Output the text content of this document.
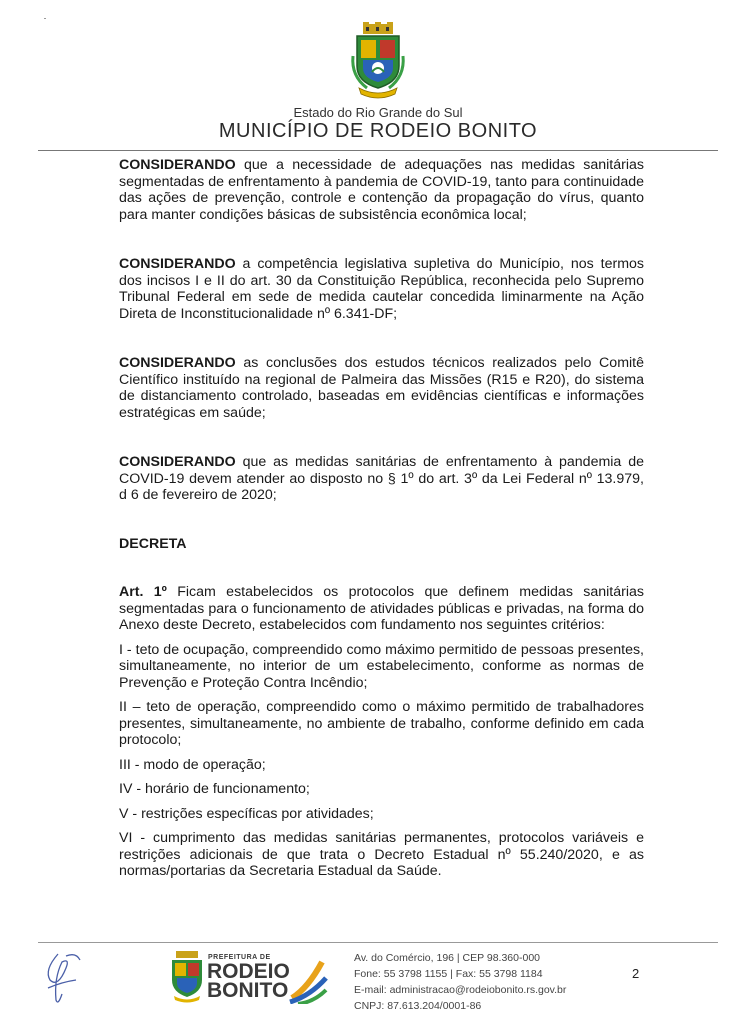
Estado do Rio Grande do Sul
MUNICÍPIO DE RODEIO BONITO

CONSIDERANDO que a necessidade de adequações nas medidas sanitárias segmentadas de enfrentamento à pandemia de COVID-19, tanto para continuidade das ações de prevenção, controle e contenção da propagação do vírus, quanto para manter condições básicas de subsistência econômica local;

CONSIDERANDO a competência legislativa supletiva do Município, nos termos dos incisos I e II do art. 30 da Constituição República, reconhecida pelo Supremo Tribunal Federal em sede de medida cautelar concedida liminarmente na Ação Direta de Inconstitucionalidade nº 6.341-DF;

CONSIDERANDO as conclusões dos estudos técnicos realizados pelo Comitê Científico instituído na regional de Palmeira das Missões (R15 e R20), do sistema de distanciamento controlado, baseadas em evidências científicas e informações estratégicas em saúde;

CONSIDERANDO que as medidas sanitárias de enfrentamento à pandemia de COVID-19 devem atender ao disposto no § 1º do art. 3º da Lei Federal nº 13.979, d 6 de fevereiro de 2020;

DECRETA

Art. 1º Ficam estabelecidos os protocolos que definem medidas sanitárias segmentadas para o funcionamento de atividades públicas e privadas, na forma do Anexo deste Decreto, estabelecidos com fundamento nos seguintes critérios:

I - teto de ocupação, compreendido como máximo permitido de pessoas presentes, simultaneamente, no interior de um estabelecimento, conforme as normas de Prevenção e Proteção Contra Incêndio;

II – teto de operação, compreendido como o máximo permitido de trabalhadores presentes, simultaneamente, no ambiente de trabalho, conforme definido em cada protocolo;

III - modo de operação;

IV - horário de funcionamento;

V - restrições específicas por atividades;

VI - cumprimento das medidas sanitárias permanentes, protocolos variáveis e restrições adicionais de que trata o Decreto Estadual nº 55.240/2020, e as normas/portarias da Secretaria Estadual da Saúde.

PREFEITURA DE
RODEIO
BONITO
Av. do Comércio, 196 | CEP 98.360-000
Fone: 55 3798 1155 | Fax: 55 3798 1184
E-mail: administracao@rodeiobonito.rs.gov.br
CNPJ: 87.613.204/0001-86
2
